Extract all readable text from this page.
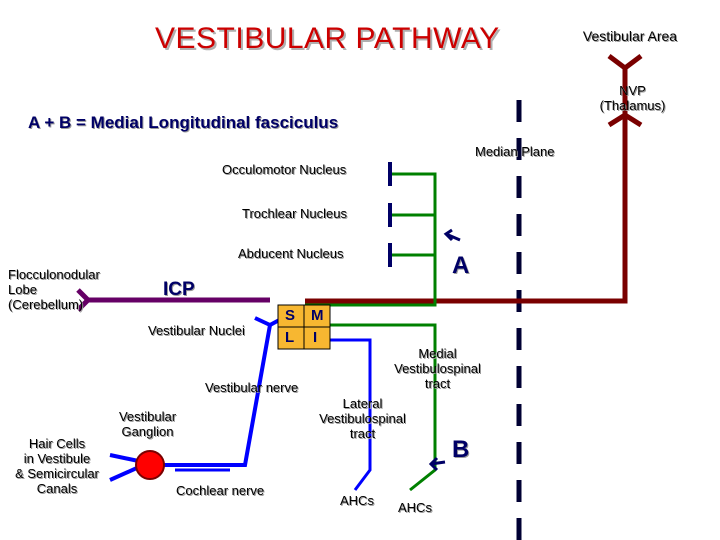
VESTIBULAR PATHWAY
A + B = Medial Longitudinal fasciculus
Vestibular Area
NVP
(Thalamus)
Median Plane
Occulomotor Nucleus
Trochlear Nucleus
Abducent Nucleus	A
B
Flocculonodular
Lobe
(Cerebellum)
ICP
Vestibular Nuclei
S M
L I
Medial
Vestibulospinal
tract
Lateral
Vestibulospinal
tract
Vestibular nerve
Vestibular
Ganglion
Hair Cells
in Vestibule
& Semicircular
Canals	Cochlear nerve
AHCs AHCs
